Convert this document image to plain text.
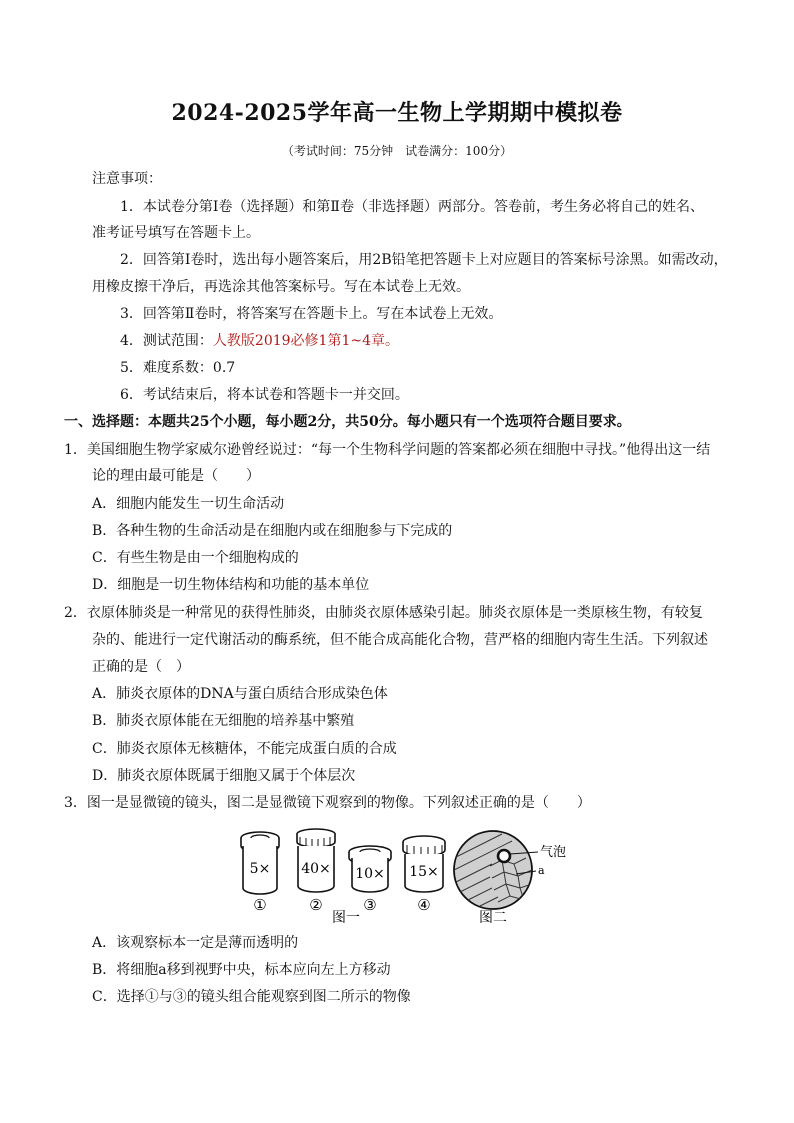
2024-2025学年高一生物上学期期中模拟卷
（考试时间：75分钟　试卷满分：100分）
注意事项：
1．本试卷分第Ⅰ卷（选择题）和第Ⅱ卷（非选择题）两部分。答卷前，考生务必将自己的姓名、
准考证号填写在答题卡上。
2．回答第Ⅰ卷时，选出每小题答案后，用2B铅笔把答题卡上对应题目的答案标号涂黑。如需改动，
用橡皮擦干净后，再选涂其他答案标号。写在本试卷上无效。
3．回答第Ⅱ卷时，将答案写在答题卡上。写在本试卷上无效。
4．测试范围：人教版2019必修1第1~4章。
5．难度系数：0.7
6．考试结束后，将本试卷和答题卡一并交回。
一、选择题：本题共25个小题，每小题2分，共50分。每小题只有一个选项符合题目要求。
1．美国细胞生物学家威尔逊曾经说过：“每一个生物科学问题的答案都必须在细胞中寻找。”他得出这一结
论的理由最可能是（　　）
A．细胞内能发生一切生命活动
B．各种生物的生命活动是在细胞内或在细胞参与下完成的
C．有些生物是由一个细胞构成的
D．细胞是一切生物体结构和功能的基本单位
2．衣原体肺炎是一种常见的获得性肺炎，由肺炎衣原体感染引起。肺炎衣原体是一类原核生物，有较复
杂的、能进行一定代谢活动的酶系统，但不能合成高能化合物，营严格的细胞内寄生生活。下列叙述
正确的是（　）
A．肺炎衣原体的DNA与蛋白质结合形成染色体
B．肺炎衣原体能在无细胞的培养基中繁殖
C．肺炎衣原体无核糖体，不能完成蛋白质的合成
D．肺炎衣原体既属于细胞又属于个体层次
3．图一是显微镜的镜头，图二是显微镜下观察到的物像。下列叙述正确的是（　　）
5×
①
40×
②
10×
③
15×
④
图一
气泡
a
图二
A．该观察标本一定是薄而透明的
B．将细胞a移到视野中央，标本应向左上方移动
C．选择①与③的镜头组合能观察到图二所示的物像
